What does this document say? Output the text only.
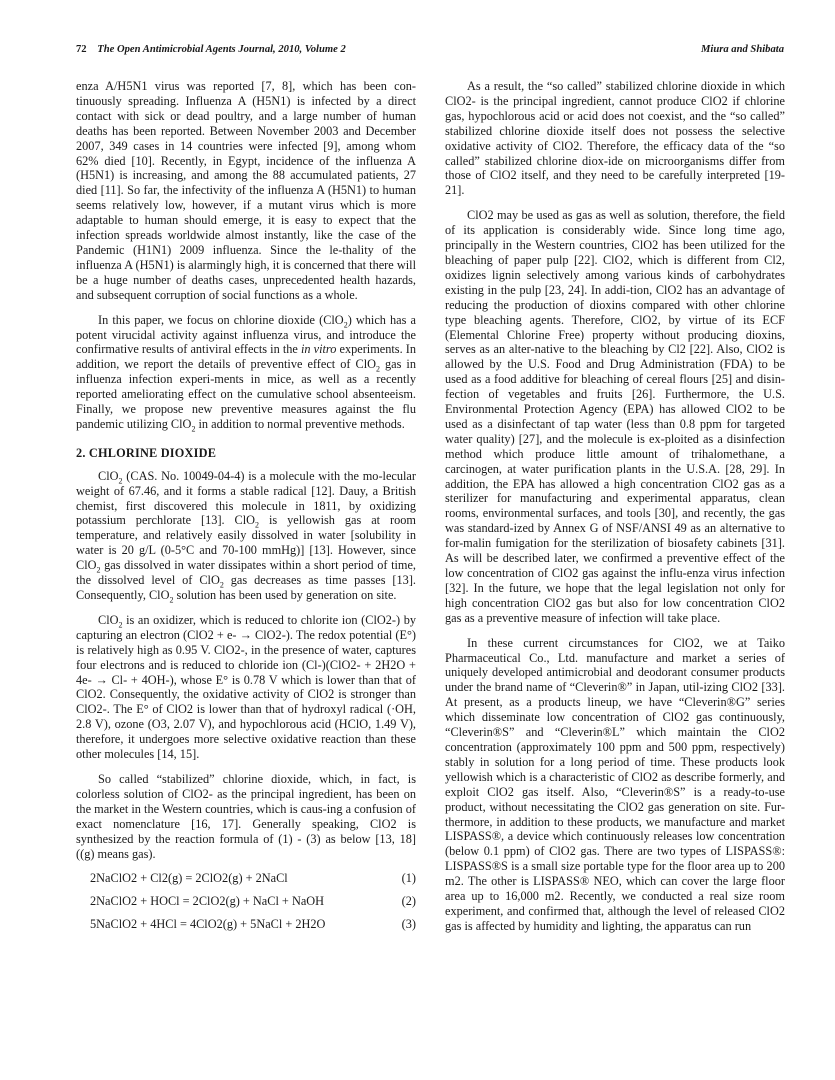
72 The Open Antimicrobial Agents Journal, 2010, Volume 2	Miura and Shibata

enza A/H5N1 virus was reported [7, 8], which has been con-tinuously spreading. Influenza A (H5N1) is infected by a direct contact with sick or dead poultry, and a large number of human deaths has been reported. Between November 2003 and December 2007, 349 cases in 14 countries were infected [9], among whom 62% died [10]. Recently, in Egypt, incidence of the influenza A (H5N1) is increasing, and among the 88 accumulated patients, 27 died [11]. So far, the infectivity of the influenza A (H5N1) to human seems relatively low, however, if a mutant virus which is more adaptable to human should emerge, it is easy to expect that the infection spreads worldwide almost instantly, like the case of the Pandemic (H1N1) 2009 influenza. Since the le-thality of the influenza A (H5N1) is alarmingly high, it is concerned that there will be a huge number of deaths cases, unprecedented health hazards, and subsequent corruption of social functions as a whole.

In this paper, we focus on chlorine dioxide (ClO$_2$) which has a potent virucidal activity against influenza virus, and introduce the confirmative results of antiviral effects in the in vitro experiments. In addition, we report the details of preventive effect of ClO$_2$ gas in influenza infection experi-ments in mice, as well as a recently reported ameliorating effect on the cumulative school absenteeism. Finally, we propose new preventive measures against the flu pandemic utilizing ClO$_2$ in addition to normal preventive methods.

2. CHLORINE DIOXIDE

ClO$_2$ (CAS. No. 10049-04-4) is a molecule with the mo-lecular weight of 67.46, and it forms a stable radical [12]. Dauy, a British chemist, first discovered this molecule in 1811, by oxidizing potassium perchlorate [13]. ClO$_2$ is yellowish gas at room temperature, and relatively easily dissolved in water [solubility in water is 20 g/L (0-5°C and 70-100 mmHg)] [13]. However, since ClO$_2$ gas dissolved in water dissipates within a short period of time, the dissolved level of ClO$_2$ gas decreases as time passes [13]. Consequently, ClO$_2$ solution has been used by generation on site.

ClO$_2$ is an oxidizer, which is reduced to chlorite ion (ClO2-) by capturing an electron (ClO2 + e- → ClO2-). The redox potential (E°) is relatively high as 0.95 V. ClO2-, in the presence of water, captures four electrons and is reduced to chloride ion (Cl-)(ClO2- + 2H2O + 4e- → Cl- + 4OH-), whose E° is 0.78 V which is lower than that of ClO2. Consequently, the oxidative activity of ClO2 is stronger than ClO2-. The E° of ClO2 is lower than that of hydroxyl radical (·OH, 2.8 V), ozone (O3, 2.07 V), and hypochlorous acid (HClO, 1.49 V), therefore, it undergoes more selective oxidative reaction than these other molecules [14, 15].

So called “stabilized” chlorine dioxide, which, in fact, is colorless solution of ClO2- as the principal ingredient, has been on the market in the Western countries, which is caus-ing a confusion of exact nomenclature [16, 17]. Generally speaking, ClO2 is synthesized by the reaction formula of (1) - (3) as below [13, 18] ((g) means gas).

2NaClO2 + Cl2(g) = 2ClO2(g) + 2NaCl	(1)
2NaClO2 + HOCl = 2ClO2(g) + NaCl + NaOH	(2)
5NaClO2 + 4HCl = 4ClO2(g) + 5NaCl + 2H2O	(3)

As a result, the “so called” stabilized chlorine dioxide in which ClO2- is the principal ingredient, cannot produce ClO2 if chlorine gas, hypochlorous acid or acid does not coexist, and the “so called” stabilized chlorine dioxide itself does not possess the selective oxidative activity of ClO2. Therefore, the efficacy data of the “so called” stabilized chlorine diox-ide on microorganisms differ from those of ClO2 itself, and they need to be carefully interpreted [19-21].

ClO2 may be used as gas as well as solution, therefore, the field of its application is considerably wide. Since long time ago, principally in the Western countries, ClO2 has been utilized for the bleaching of paper pulp [22]. ClO2, which is different from Cl2, oxidizes lignin selectively among various kinds of carbohydrates existing in the pulp [23, 24]. In addi-tion, ClO2 has an advantage of reducing the production of dioxins compared with other chlorine type bleaching agents. Therefore, ClO2, by virtue of its ECF (Elemental Chlorine Free) property without producing dioxins, serves as an alter-native to the bleaching by Cl2 [22]. Also, ClO2 is allowed by the U.S. Food and Drug Administration (FDA) to be used as a food additive for bleaching of cereal flours [25] and disin-fection of vegetables and fruits [26]. Furthermore, the U.S. Environmental Protection Agency (EPA) has allowed ClO2 to be used as a disinfectant of tap water (less than 0.8 ppm for targeted water quality) [27], and the molecule is ex-ploited as a disinfection method which produce little amount of trihalomethane, a carcinogen, at water purification plants in the U.S.A. [28, 29]. In addition, the EPA has allowed a high concentration ClO2 gas as a sterilizer for manufacturing and experimental apparatus, clean rooms, environmental surfaces, and tools [30], and recently, the gas was standard-ized by Annex G of NSF/ANSI 49 as an alternative to for-malin fumigation for the sterilization of biosafety cabinets [31]. As will be described later, we confirmed a preventive effect of the low concentration of ClO2 gas against the influ-enza virus infection [32]. In the future, we hope that the legal legislation not only for high concentration ClO2 gas but also for low concentration ClO2 gas as a preventive measure of infection will take place.

In these current circumstances for ClO2, we at Taiko Pharmaceutical Co., Ltd. manufacture and market a series of uniquely developed antimicrobial and deodorant consumer products under the brand name of “Cleverin®” in Japan, util-izing ClO2 [33]. At present, as a products lineup, we have “Cleverin®G” series which disseminate low concentration of ClO2 gas continuously, “Cleverin®S” and “Cleverin®L” which maintain the ClO2 concentration (approximately 100 ppm and 500 ppm, respectively) stably in solution for a long period of time. These products look yellowish which is a characteristic of ClO2 as describe formerly, and exploit ClO2 gas itself. Also, “Cleverin®S” is a ready-to-use product, without necessitating the ClO2 gas generation on site. Fur-thermore, in addition to these products, we manufacture and market LISPASS®, a device which continuously releases low concentration (below 0.1 ppm) of ClO2 gas. There are two types of LISPASS®: LISPASS®S is a small size portable type for the floor area up to 200 m2. The other is LISPASS® NEO, which can cover the large floor area up to 16,000 m2. Recently, we conducted a real size room experiment, and confirmed that, although the level of released ClO2 gas is affected by humidity and lighting, the apparatus can run
